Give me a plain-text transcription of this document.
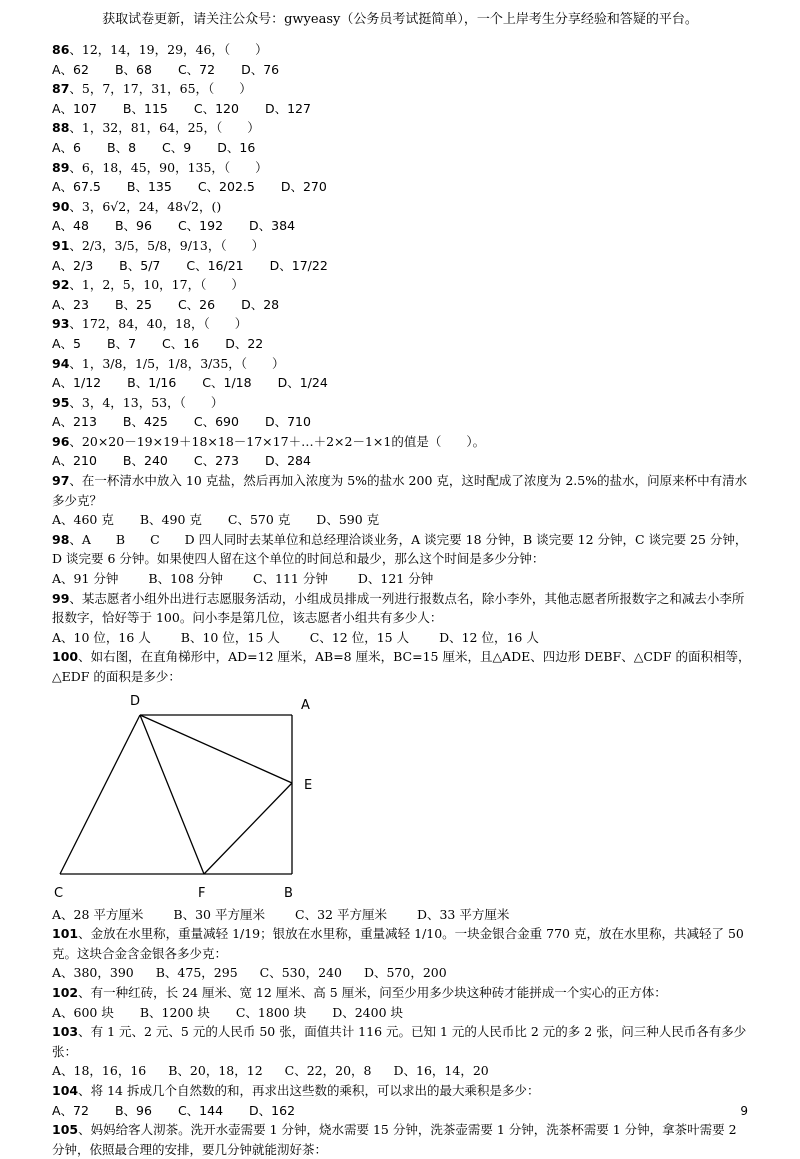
获取试卷更新，请关注公众号：gwyeasy（公务员考试挺简单），一个上岸考生分享经验和答疑的平台。
86、12，14，19，29，46，（　　）
A、62 B、68 C、72 D、76
87、5，7，17，31，65，（　　）
A、107 B、115 C、120 D、127
88、1，32，81，64，25，（　　）
A、6 B、8 C、9 D、16
89、6，18，45，90，135，（　　）
A、67.5 B、135 C、202.5 D、270
90、3，6√2，24，48√2，()
A、48 B、96 C、192 D、384
91、2/3，3/5，5/8，9/13，（　　）
A、2/3 B、5/7 C、16/21 D、17/22
92、1，2，5，10，17，（　　）
A、23 B、25 C、26 D、28
93、172，84，40，18，（　　）
A、5 B、7 C、16 D、22
94、1，3/8，1/5，1/8，3/35，（　　）
A、1/12 B、1/16 C、1/18 D、1/24
95、3，4，13，53，（　　）
A、213 B、425 C、690 D、710
96、20×20－19×19＋18×18－17×17＋…＋2×2－1×1的值是（　　）。
A、210 B、240 C、273 D、284
97、在一杯清水中放入 10 克盐，然后再加入浓度为 5%的盐水 200 克，这时配成了浓度为 2.5%的盐水，问原来杯中有清水多少克？
A、460 克 B、490 克 C、570 克 D、590 克
98、A　　B　　C　　D 四人同时去某单位和总经理洽谈业务，A 谈完要 18 分钟，B 谈完要 12 分钟，C 谈完要 25 分钟，D 谈完要 6 分钟。如果使四人留在这个单位的时间总和最少，那么这个时间是多少分钟：
A、91 分钟 B、108 分钟 C、111 分钟 D、121 分钟
99、某志愿者小组外出进行志愿服务活动，小组成员排成一列进行报数点名，除小李外，其他志愿者所报数字之和减去小李所报数字，恰好等于 100。问小李是第几位，该志愿者小组共有多少人：
A、10 位，16 人 B、10 位，15 人 C、12 位，15 人 D、12 位，16 人
100、如右图，在直角梯形中，AD=12 厘米，AB=8 厘米，BC=15 厘米，且△ADE、四边形 DEBF、△CDF 的面积相等，△EDF 的面积是多少：
D	A
E
C	F	B
A、28 平方厘米 B、30 平方厘米 C、32 平方厘米 D、33 平方厘米
101、金放在水里称，重量减轻 1/19；银放在水里称，重量减轻 1/10。一块金银合金重 770 克，放在水里称，共减轻了 50 克。这块合金含金银各多少克：
A、380，390 B、475，295 C、530，240 D、570，200
102、有一种红砖，长 24 厘米、宽 12 厘米、高 5 厘米，问至少用多少块这种砖才能拼成一个实心的正方体：
A、600 块 B、1200 块 C、1800 块 D、2400 块
103、有 1 元、2 元、5 元的人民币 50 张，面值共计 116 元。已知 1 元的人民币比 2 元的多 2 张，问三种人民币各有多少张：
A、18，16，16 B、20，18，12 C、22，20，8 D、16，14，20
104、将 14 拆成几个自然数的和，再求出这些数的乘积，可以求出的最大乘积是多少：
A、72 B、96 C、144 D、162
105、妈妈给客人沏茶。洗开水壶需要 1 分钟，烧水需要 15 分钟，洗茶壶需要 1 分钟，洗茶杯需要 1 分钟，拿茶叶需要 2 分钟，依照最合理的安排，要几分钟就能沏好茶：
9
